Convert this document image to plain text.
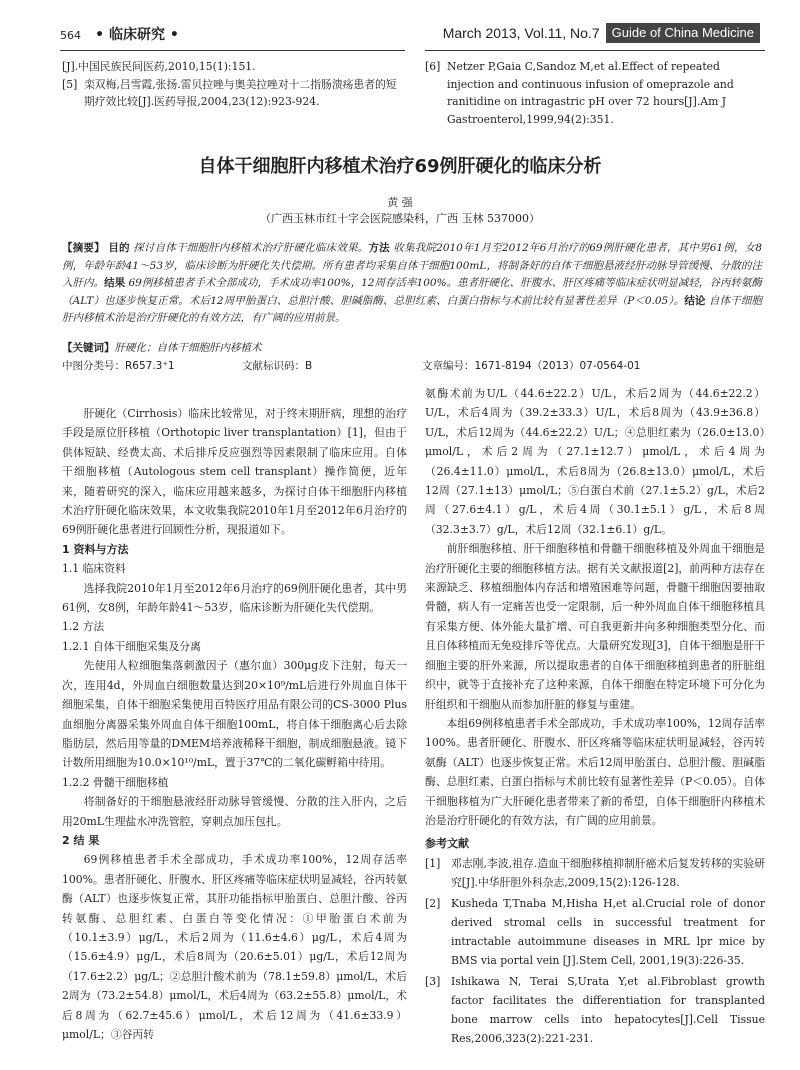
564 • 临床研究 •	March 2013, Vol.11, No.7 Guide of China Medicine
[J].中国民族民间医药,2010,15(1):151.
[5] 栾双梅,吕雪霞,张扬.雷贝拉唑与奥美拉唑对十二指肠溃疡患者的短期疗效比较[J].医药导报,2004,23(12):923-924.
[6] Netzer P,Gaia C,Sandoz M,et al.Effect of repeated injection and continuous infusion of omeprazole and ranitidine on intragastric pH over 72 hours[J].Am J Gastroenterol,1999,94(2):351.
自体干细胞肝内移植术治疗69例肝硬化的临床分析
黄 强
（广西玉林市红十字会医院感染科，广西 玉林 537000）
【摘要】 目的 探讨自体干细胞肝内移植术治疗肝硬化临床效果。方法 收集我院2010年1月至2012年6月治疗的69例肝硬化患者，其中男61例，女8例，年龄年龄41～53岁，临床诊断为肝硬化失代偿期。所有患者均采集自体干细胞100mL，将制备好的自体干细胞悬液经肝动脉导管缓慢、分散的注入肝内。结果 69例移植患者手术全部成功，手术成功率100%，12周存活率100%。患者肝硬化、肝腹水、肝区疼痛等临床症状明显减轻，谷丙转氨酶（ALT）也逐步恢复正常。术后12周甲胎蛋白、总胆汁酸、胆碱脂酶、总胆红素、白蛋白指标与术前比较有显著性差异（P＜0.05）。结论 自体干细胞肝内移植术治是治疗肝硬化的有效方法，有广阔的应用前景。
【关键词】肝硬化；自体干细胞肝内移植术
中图分类号：R657.3⁺1	文献标识码：B	文章编号：1671-8194（2013）07-0564-01

肝硬化（Cirrhosis）临床比较常见，对于终末期肝病，理想的治疗手段是原位肝移植（Orthotopic liver transplantation）[1]，但由于供体短缺、经费太高、术后排斥反应强烈等因素限制了临床应用。自体干细胞移植（Autologous stem cell transplant）操作简便，近年来，随着研究的深入，临床应用越来越多，为探讨自体干细胞肝内移植术治疗肝硬化临床效果，本文收集我院2010年1月至2012年6月治疗的69例肝硬化患者进行回顾性分析，现报道如下。

1 资料与方法
1.1 临床资料

选择我院2010年1月至2012年6月治疗的69例肝硬化患者，其中男61例，女8例，年龄年龄41～53岁，临床诊断为肝硬化失代偿期。

1.2 方法
1.2.1 自体干细胞采集及分离

先使用人粒细胞集落刺激因子（惠尔血）300μg皮下注射，每天一次，连用4d，外周血白细胞数量达到20×10⁹/mL后进行外周血自体干细胞采集，自体干细胞采集使用百特医疗用品有限公司的CS-3000 Plus血细胞分离器采集外周血自体干细胞100mL，将自体干细胞离心后去除脂肪层，然后用等量的DMEM培养液稀释干细胞，制成细胞悬液。镜下计数所用细胞为10.0×10¹⁰/mL，置于37℃的二氧化碳孵箱中待用。

1.2.2 骨髓干细胞移植

将制备好的干细胞悬液经肝动脉导管缓慢、分散的注入肝内，之后用20mL生理盐水冲洗管腔，穿刺点加压包扎。

2 结 果

69例移植患者手术全部成功，手术成功率100%，12周存活率100%。患者肝硬化、肝腹水、肝区疼痛等临床症状明显减轻，谷丙转氨酶（ALT）也逐步恢复正常，其肝功能指标甲胎蛋白、总胆汁酸、谷丙转氨酶、总胆红素、白蛋白等变化情况：①甲胎蛋白术前为（10.1±3.9）μg/L，术后2周为（11.6±4.6）μg/L，术后4周为（15.6±4.9）μg/L，术后8周为（20.6±5.01）μg/L，术后12周为（17.6±2.2）μg/L；②总胆汁酸术前为（78.1±59.8）μmol/L，术后2周为（73.2±54.8）μmol/L，术后4周为（63.2±55.8）μmol/L，术后8周为（62.7±45.6）μmol/L，术后12周为（41.6±33.9）μmol/L；③谷丙转

氨酶术前为U/L（44.6±22.2）U/L，术后2周为（44.6±22.2）U/L，术后4周为（39.2±33.3）U/L，术后8周为（43.9±36.8）U/L，术后12周为（44.6±22.2）U/L；④总胆红素为（26.0±13.0）μmol/L，术后2周为（27.1±12.7）μmol/L，术后4周为（26.4±11.0）μmol/L，术后8周为（26.8±13.0）μmol/L，术后12周（27.1±13）μmol/L；⑤白蛋白术前（27.1±5.2）g/L，术后2周（27.6±4.1）g/L，术后4周（30.1±5.1）g/L，术后8周（32.3±3.7）g/L，术后12周（32.1±6.1）g/L。

前肝细胞移植、肝干细胞移植和骨髓干细胞移植及外周血干细胞是治疗肝硬化主要的细胞移植方法。据有关文献报道[2]，前两种方法存在来源缺乏、移植细胞体内存活和增殖困难等问题，骨髓干细胞因要抽取骨髓，病人有一定痛苦也受一定限制，后一种外周血自体干细胞移植具有采集方便、体外能大量扩增、可自我更新并向多种细胞类型分化、而且自体移植而无免疫排斥等优点。大量研究发现[3]，自体干细胞是肝干细胞主要的肝外来源，所以提取患者的自体干细胞移植到患者的肝脏组织中，就等于直接补充了这种来源，自体干细胞在特定环境下可分化为肝组织和干细胞从而参加肝脏的修复与重建。

本组69例移植患者手术全部成功，手术成功率100%，12周存活率100%。患者肝硬化、肝腹水、肝区疼痛等临床症状明显减轻，谷丙转氨酶（ALT）也逐步恢复正常。术后12周甲胎蛋白、总胆汁酸、胆碱脂酶、总胆红素、白蛋白指标与术前比较有显著性差异（P＜0.05）。自体干细胞移植为广大肝硬化患者带来了新的希望，自体干细胞肝内移植术治是治疗肝硬化的有效方法，有广阔的应用前景。

参考文献
[1] 邓志刚,李波,祖存.造血干细胞移植抑制肝癌术后复发转移的实验研究[J].中华肝胆外科杂志,2009,15(2):126-128.
[2] Kusheda T,Tnaba M,Hisha H,et al.Crucial role of donor derived stromal cells in successful treatment for intractable autoimmune diseases in MRL lpr mice by BMS via portal vein [J].Stem Cell, 2001,19(3):226-35.
[3] Ishikawa N, Terai S,Urata Y,et al.Fibroblast growth factor facilitates the differentiation for transplanted bone marrow cells into hepatocytes[J].Cell Tissue Res,2006,323(2):221-231.
